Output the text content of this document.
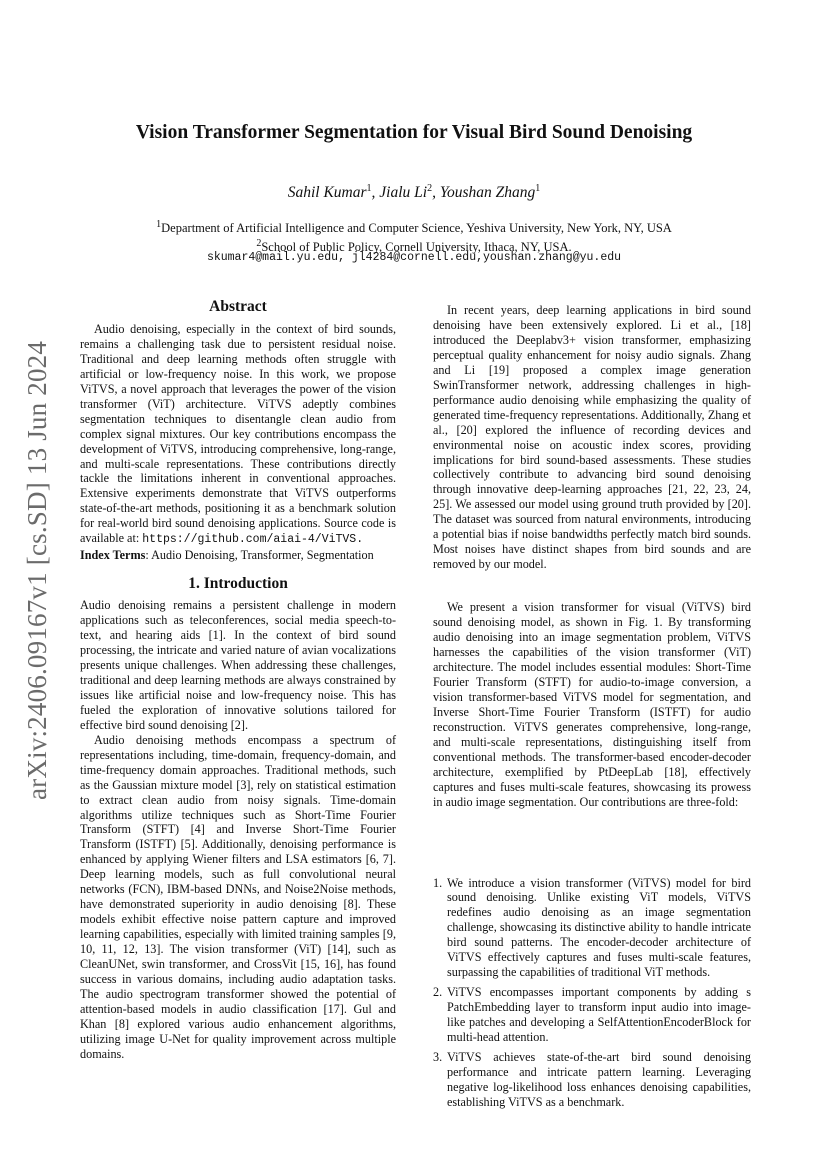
arXiv:2406.09167v1 [cs.SD] 13 Jun 2024
Vision Transformer Segmentation for Visual Bird Sound Denoising
Sahil Kumar$^1$, Jialu Li$^2$, Youshan Zhang$^1$
$^1$Department of Artificial Intelligence and Computer Science, Yeshiva University, New York, NY, USA
$^2$School of Public Policy, Cornell University, Ithaca, NY, USA.
skumar4@mail.yu.edu, jl4284@cornell.edu,youshan.zhang@yu.edu

Abstract

Audio denoising, especially in the context of bird sounds, remains a challenging task due to persistent residual noise. Traditional and deep learning methods often struggle with artificial or low-frequency noise. In this work, we propose ViTVS, a novel approach that leverages the power of the vision transformer (ViT) architecture. ViTVS adeptly combines segmentation techniques to disentangle clean audio from complex signal mixtures. Our key contributions encompass the development of ViTVS, introducing comprehensive, long-range, and multi-scale representations. These contributions directly tackle the limitations inherent in conventional approaches. Extensive experiments demonstrate that ViTVS outperforms state-of-the-art methods, positioning it as a benchmark solution for real-world bird sound denoising applications. Source code is available at: https://github.com/aiai-4/ViTVS.

Index Terms: Audio Denoising, Transformer, Segmentation

1. Introduction

Audio denoising remains a persistent challenge in modern applications such as teleconferences, social media speech-to-text, and hearing aids [1]. In the context of bird sound processing, the intricate and varied nature of avian vocalizations presents unique challenges. When addressing these challenges, traditional and deep learning methods are always constrained by issues like artificial noise and low-frequency noise. This has fueled the exploration of innovative solutions tailored for effective bird sound denoising [2].

Audio denoising methods encompass a spectrum of representations including, time-domain, frequency-domain, and time-frequency domain approaches. Traditional methods, such as the Gaussian mixture model [3], rely on statistical estimation to extract clean audio from noisy signals. Time-domain algorithms utilize techniques such as Short-Time Fourier Transform (STFT) [4] and Inverse Short-Time Fourier Transform (ISTFT) [5]. Additionally, denoising performance is enhanced by applying Wiener filters and LSA estimators [6, 7]. Deep learning models, such as full convolutional neural networks (FCN), IBM-based DNNs, and Noise2Noise methods, have demonstrated superiority in audio denoising [8]. These models exhibit effective noise pattern capture and improved learning capabilities, especially with limited training samples [9, 10, 11, 12, 13]. The vision transformer (ViT) [14], such as CleanUNet, swin transformer, and CrossVit [15, 16], has found success in various domains, including audio adaptation tasks. The audio spectrogram transformer showed the potential of attention-based models in audio classification [17]. Gul and Khan [8] explored various audio enhancement algorithms, utilizing image U-Net for quality improvement across multiple domains.

In recent years, deep learning applications in bird sound denoising have been extensively explored. Li et al., [18] introduced the Deeplabv3+ vision transformer, emphasizing perceptual quality enhancement for noisy audio signals. Zhang and Li [19] proposed a complex image generation SwinTransformer network, addressing challenges in high-performance audio denoising while emphasizing the quality of generated time-frequency representations. Additionally, Zhang et al., [20] explored the influence of recording devices and environmental noise on acoustic index scores, providing implications for bird sound-based assessments. These studies collectively contribute to advancing bird sound denoising through innovative deep-learning approaches [21, 22, 23, 24, 25]. We assessed our model using ground truth provided by [20]. The dataset was sourced from natural environments, introducing a potential bias if noise bandwidths perfectly match bird sounds. Most noises have distinct shapes from bird sounds and are removed by our model.

We present a vision transformer for visual (ViTVS) bird sound denoising model, as shown in Fig. 1. By transforming audio denoising into an image segmentation problem, ViTVS harnesses the capabilities of the vision transformer (ViT) architecture. The model includes essential modules: Short-Time Fourier Transform (STFT) for audio-to-image conversion, a vision transformer-based ViTVS model for segmentation, and Inverse Short-Time Fourier Transform (ISTFT) for audio reconstruction. ViTVS generates comprehensive, long-range, and multi-scale representations, distinguishing itself from conventional methods. The transformer-based encoder-decoder architecture, exemplified by PtDeepLab [18], effectively captures and fuses multi-scale features, showcasing its prowess in audio image segmentation. Our contributions are three-fold:

1. We introduce a vision transformer (ViTVS) model for bird sound denoising. Unlike existing ViT models, ViTVS redefines audio denoising as an image segmentation challenge, showcasing its distinctive ability to handle intricate bird sound patterns. The encoder-decoder architecture of ViTVS effectively captures and fuses multi-scale features, surpassing the capabilities of traditional ViT methods.
2. ViTVS encompasses important components by adding s PatchEmbedding layer to transform input audio into image-like patches and developing a SelfAttentionEncoderBlock for multi-head attention.
3. ViTVS achieves state-of-the-art bird sound denoising performance and intricate pattern learning. Leveraging negative log-likelihood loss enhances denoising capabilities, establishing ViTVS as a benchmark.
